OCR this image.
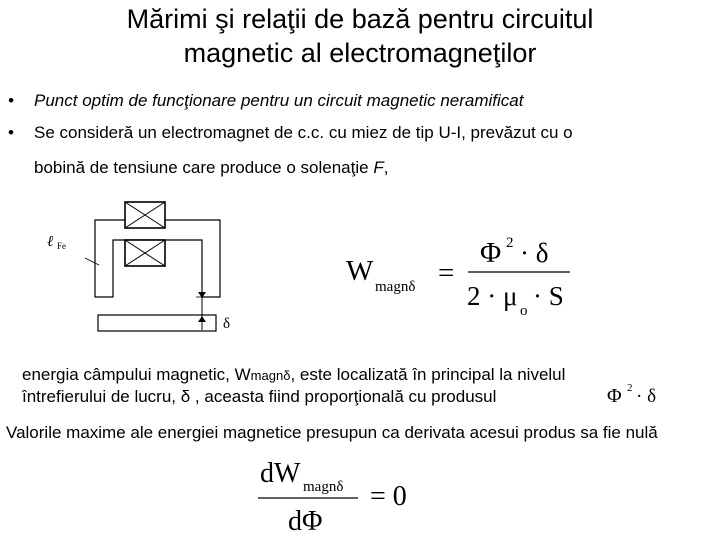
Mărimi şi relaţii de bază pentru circuitul
magnetic al electromagneţilor
• Punct optim de funcţionare pentru un circuit magnetic neramificat
• Se consideră un electromagnet de c.c. cu miez de tip U-I, prevăzut cu o
bobină de tensiune care produce o solenaţie F,
ℓ Fe
δ
W magnδ =
Φ 2 · δ
2 · μ o · S
Φ 2 · δ
dW magnδ
dΦ
= 0
energia câmpului magnetic, Wmagnδ, este localizată în principal la nivelul
întrefierului de lucru, δ , aceasta fiind proporţională cu produsul
Valorile maxime ale energiei magnetice presupun ca derivata acesui produs sa fie nulă
